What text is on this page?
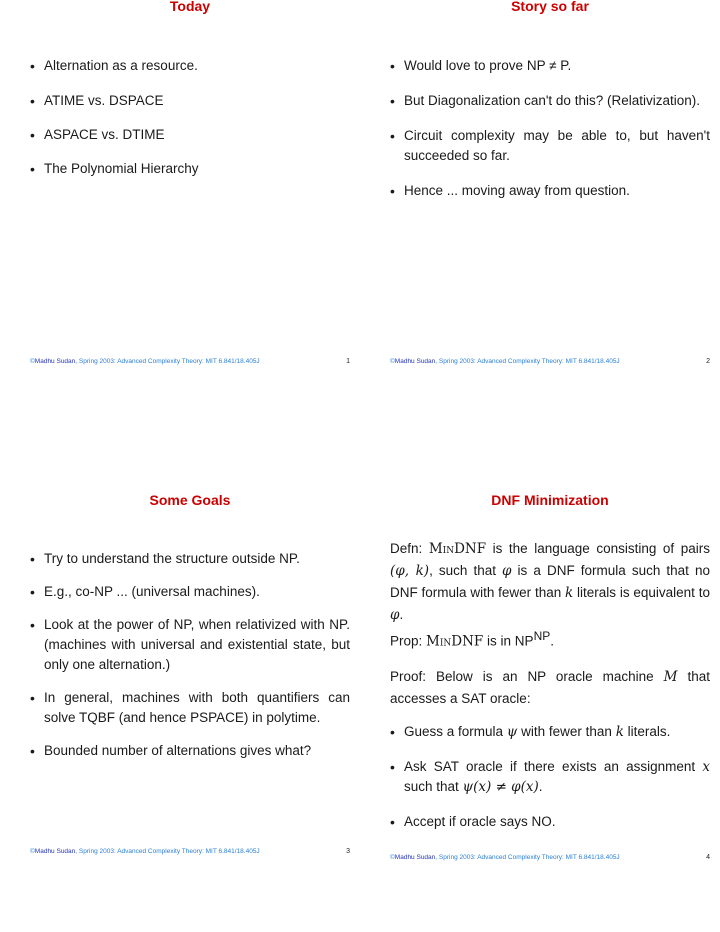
Today
• Alternation as a resource.
• ATIME vs. DSPACE
• ASPACE vs. DTIME
• The Polynomial Hierarchy
©Madhu Sudan, Spring 2003: Advanced Complexity Theory: MIT 6.841/18.405J	1
Story so far
• Would love to prove NP ≠ P.
• But Diagonalization can't do this? (Relativization).
• Circuit complexity may be able to, but haven't succeeded so far.
• Hence ... moving away from question.
©Madhu Sudan, Spring 2003: Advanced Complexity Theory: MIT 6.841/18.405J	2
Some Goals
• Try to understand the structure outside NP.
• E.g., co-NP ... (universal machines).
• Look at the power of NP, when relativized with NP. (machines with universal and existential state, but only one alternation.)
• In general, machines with both quantifiers can solve TQBF (and hence PSPACE) in polytime.
• Bounded number of alternations gives what?
©Madhu Sudan, Spring 2003: Advanced Complexity Theory: MIT 6.841/18.405J	3
DNF Minimization
Defn: MinDNF is the language consisting of pairs (φ, k), such that φ is a DNF formula such that no DNF formula with fewer than k literals is equivalent to φ.
Prop: MinDNF is in $NP^{NP}$.
Proof: Below is an NP oracle machine M that accesses a SAT oracle:
• Guess a formula ψ with fewer than k literals.
• Ask SAT oracle if there exists an assignment x such that ψ(x) ≠ φ(x).
• Accept if oracle says NO.
©Madhu Sudan, Spring 2003: Advanced Complexity Theory: MIT 6.841/18.405J	4
